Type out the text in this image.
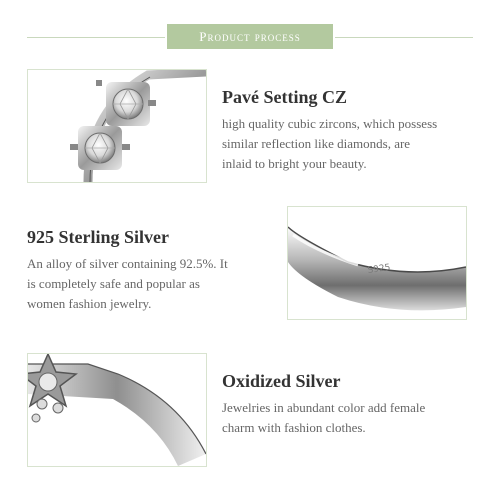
Product process
Pavé Setting CZ

high quality cubic zircons, which possess

similar reflection like diamonds, are

inlaid to bright your beauty.

925 Sterling Silver

An alloy of silver containing 92.5%. It

is completely safe and popular as

women fashion jewelry.

S925
Oxidized Silver

Jewelries in abundant color add female

charm with fashion clothes.
